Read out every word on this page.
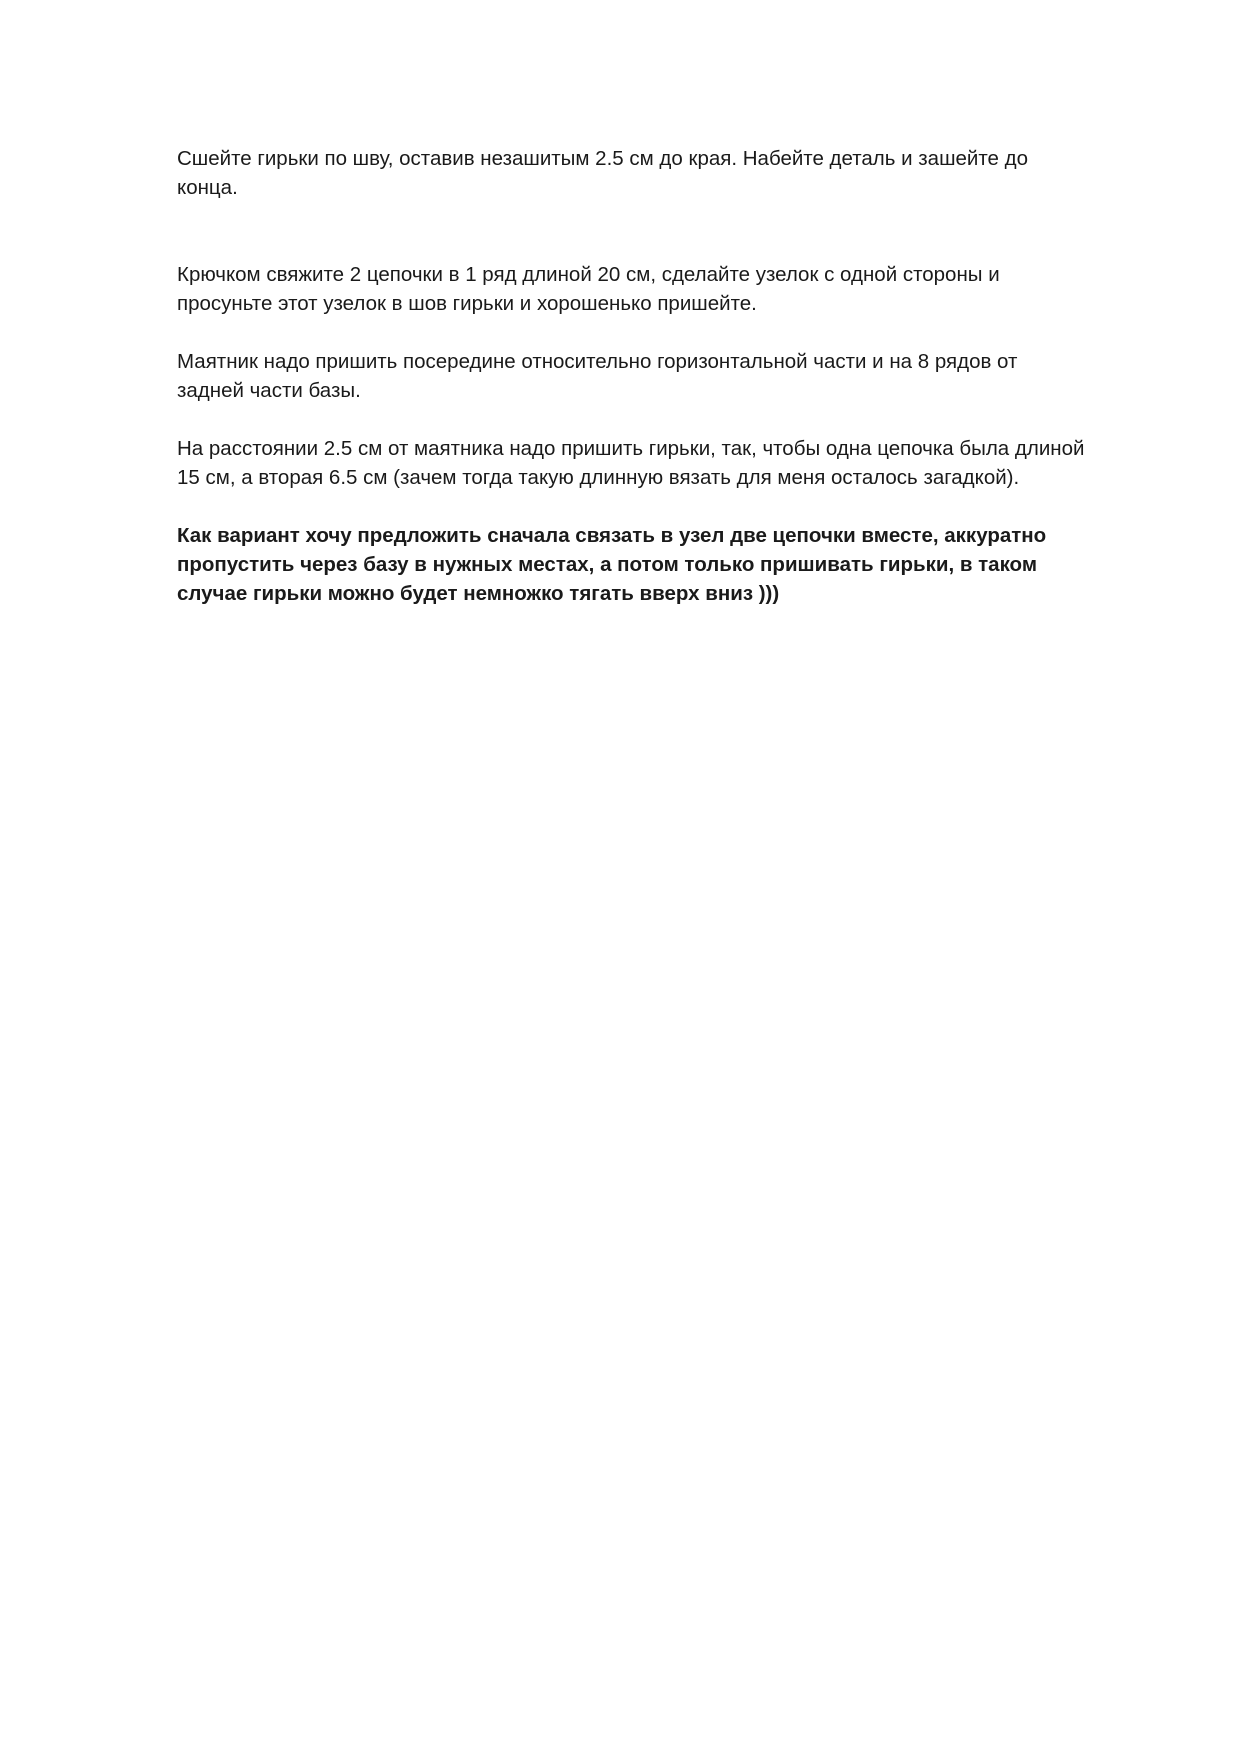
Сшейте гирьки по шву, оставив незашитым 2.5 см до края. Набейте деталь и зашейте до
конца.

Крючком свяжите 2 цепочки в 1 ряд длиной 20 см, сделайте узелок с одной стороны и
просуньте этот узелок в шов гирьки и хорошенько пришейте.

Маятник надо пришить посередине относительно горизонтальной части и на 8 рядов от
задней части базы.

На расстоянии 2.5 см от маятника надо пришить гирьки, так, чтобы одна цепочка была длиной
15 см, а вторая 6.5 см (зачем тогда такую длинную вязать для меня осталось загадкой).

Как вариант хочу предложить сначала связать в узел две цепочки вместе, аккуратно
пропустить через базу в нужных местах, а потом только пришивать гирьки, в таком
случае гирьки можно будет немножко тягать вверх вниз )))
